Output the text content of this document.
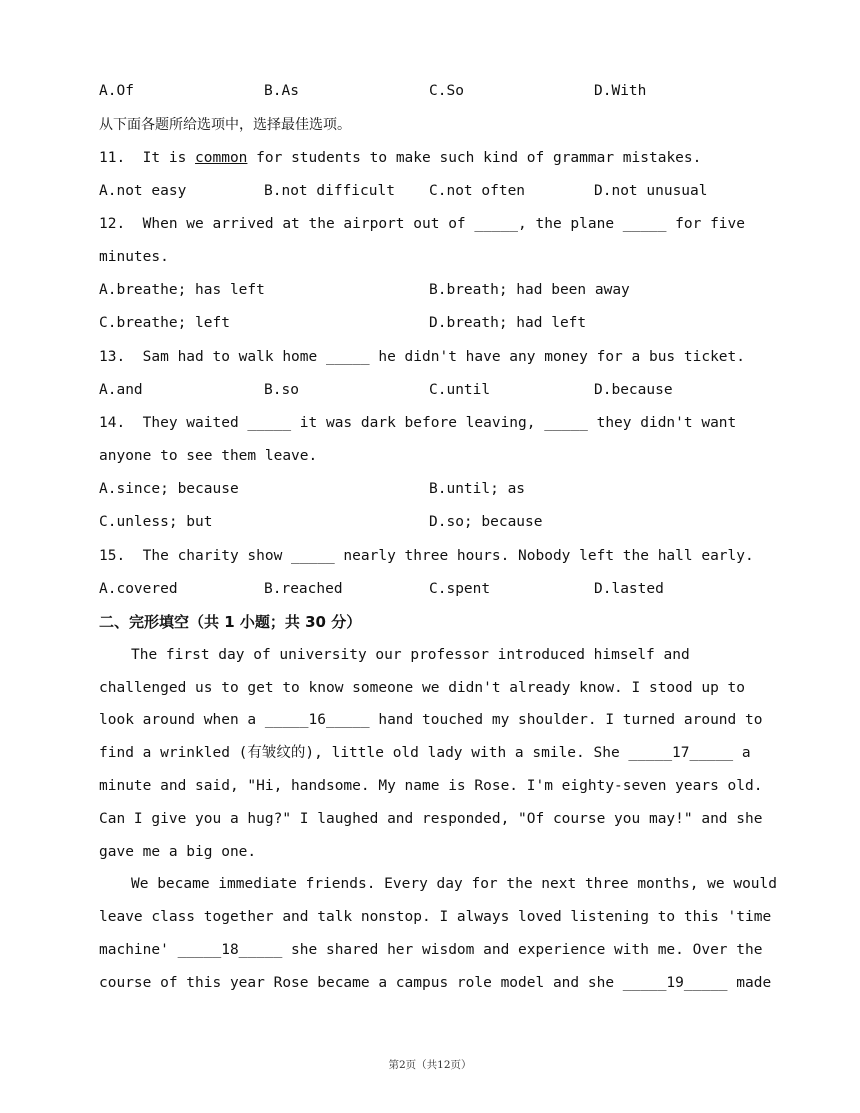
A.Of	B.As	C.So	D.With
从下面各题所给选项中，选择最佳选项。
11.  It is common for students to make such kind of grammar mistakes.
A.not easy	B.not difficult C.not often	D.not unusual
12.  When we arrived at the airport out of _____, the plane _____ for five
minutes.
A.breathe; has left	B.breath; had been away
C.breathe; left	D.breath; had left
13.  Sam had to walk home _____ he didn't have any money for a bus ticket.
A.and	B.so	C.until	D.because
14.  They waited _____ it was dark before leaving, _____ they didn't want
anyone to see them leave.
A.since; because	B.until; as
C.unless; but	D.so; because
15.  The charity show _____ nearly three hours. Nobody left the hall early.
A.covered	B.reached	C.spent	D.lasted
二、完形填空（共 1 小题；共 30 分）
The first day of university our professor introduced himself and
challenged us to get to know someone we didn't already know. I stood up to
look around when a _____16_____ hand touched my shoulder. I turned around to
find a wrinkled (有皱纹的), little old lady with a smile. She _____17_____ a
minute and said, "Hi, handsome. My name is Rose. I'm eighty-seven years old.
Can I give you a hug?" I laughed and responded, "Of course you may!" and she
gave me a big one.
We became immediate friends. Every day for the next three months, we would
leave class together and talk nonstop. I always loved listening to this 'time
machine' _____18_____ she shared her wisdom and experience with me. Over the
course of this year Rose became a campus role model and she _____19_____ made
第2页（共12页）
